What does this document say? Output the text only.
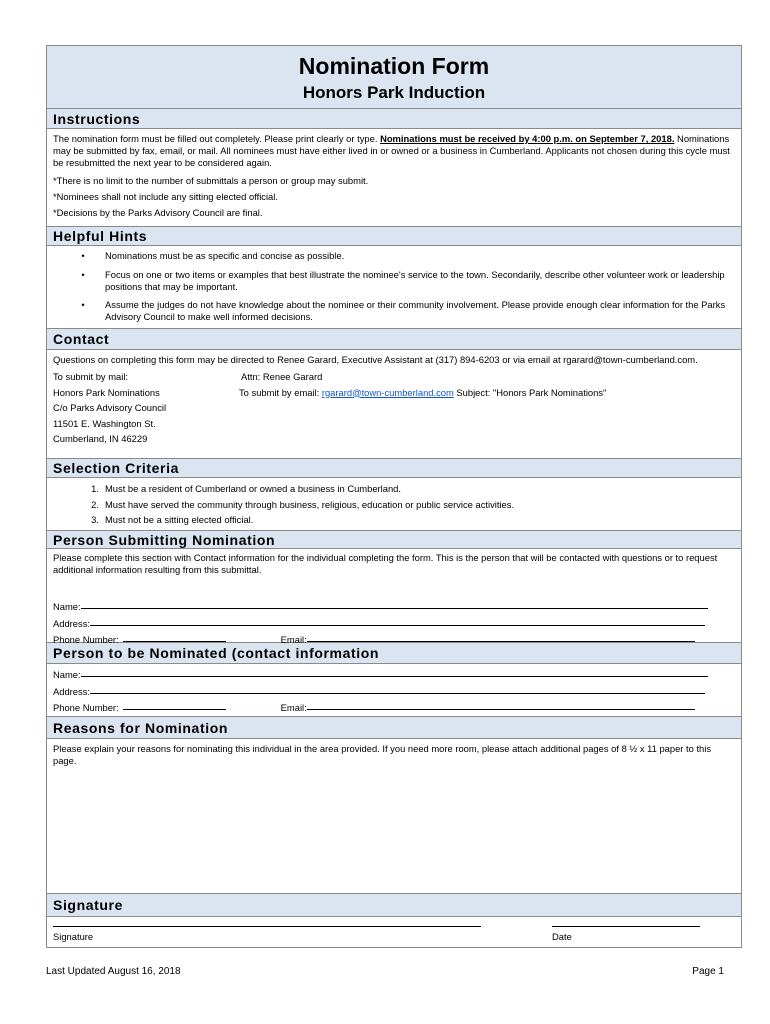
Nomination Form
Honors Park Induction
Instructions

The nomination form must be filled out completely. Please print clearly or type. Nominations must be received by 4:00 p.m. on September 7, 2018. Nominations may be submitted by fax, email, or mail. All nominees must have either lived in or owned or a business in Cumberland. Applicants not chosen during this cycle must be resubmitted the next year to be considered again.

*There is no limit to the number of submittals a person or group may submit.

*Nominees shall not include any sitting elected official.

*Decisions by the Parks Advisory Council are final.

Helpful Hints
•	Nominations must be as specific and concise as possible.
•	Focus on one or two items or examples that best illustrate the nominee's service to the town. Secondarily, describe other volunteer work or leadership positions that may be important.
•	Assume the judges do not have knowledge about the nominee or their community involvement. Please provide enough clear information for the Parks Advisory Council to make well informed decisions.
Contact

Questions on completing this form may be directed to Renee Garard, Executive Assistant at (317) 894-6203 or via email at rgarard@town-cumberland.com.

To submit by mail:	Attn: Renee Garard
Honors Park Nominations	To submit by email: rgarard@town-cumberland.com Subject: "Honors Park Nominations"
C/o Parks Advisory Council
11501 E. Washington St.
Cumberland, IN 46229
Selection Criteria
1. Must be a resident of Cumberland or owned a business in Cumberland.
2. Must have served the community through business, religious, education or public service activities.
3. Must not be a sitting elected official.
Person Submitting Nomination

Please complete this section with Contact information for the individual completing the form. This is the person that will be contacted with questions or to request additional information resulting from this submittal.

Name:
Address:
Phone Number:	Email:
Person to be Nominated (contact information
Name:
Address:
Phone Number:	Email:
Reasons for Nomination

Please explain your reasons for nominating this individual in the area provided. If you need more room, please attach additional pages of 8 ½ x 11 paper to this page.

Signature
Signature	Date
Last Updated August 16, 2018	Page 1
